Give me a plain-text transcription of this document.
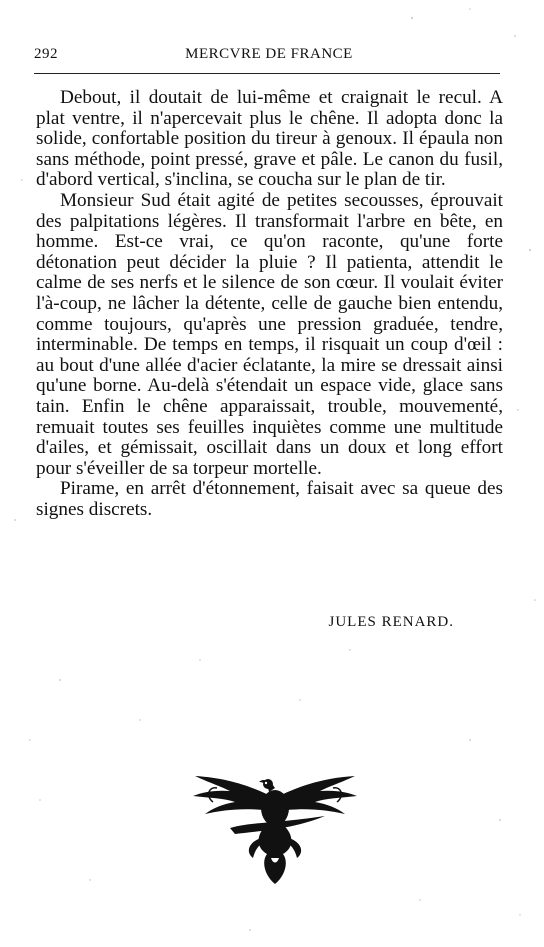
292	MERCVRE DE FRANCE

Debout, il doutait de lui-même et craignait le recul. A plat ventre, il n'apercevait plus le chêne. Il adopta donc la solide, confortable position du tireur à genoux. Il épaula non sans méthode, point pressé, grave et pâle. Le canon du fusil, d'abord vertical, s'inclina, se coucha sur le plan de tir.

Monsieur Sud était agité de petites secousses, éprouvait des palpitations légères. Il transformait l'arbre en bête, en homme. Est-ce vrai, ce qu'on raconte, qu'une forte détonation peut décider la pluie ? Il patienta, attendit le calme de ses nerfs et le silence de son cœur. Il voulait éviter l'à-coup, ne lâcher la détente, celle de gauche bien entendu, comme toujours, qu'après une pression graduée, tendre, interminable. De temps en temps, il risquait un coup d'œil : au bout d'une allée d'acier éclatante, la mire se dressait ainsi qu'une borne. Au-delà s'étendait un espace vide, glace sans tain. Enfin le chêne apparaissait, trouble, mouvementé, remuait toutes ses feuilles inquiètes comme une multitude d'ailes, et gémissait, oscillait dans un doux et long effort pour s'éveiller de sa torpeur mortelle.

Pirame, en arrêt d'étonnement, faisait avec sa queue des signes discrets.

JULES RENARD.
